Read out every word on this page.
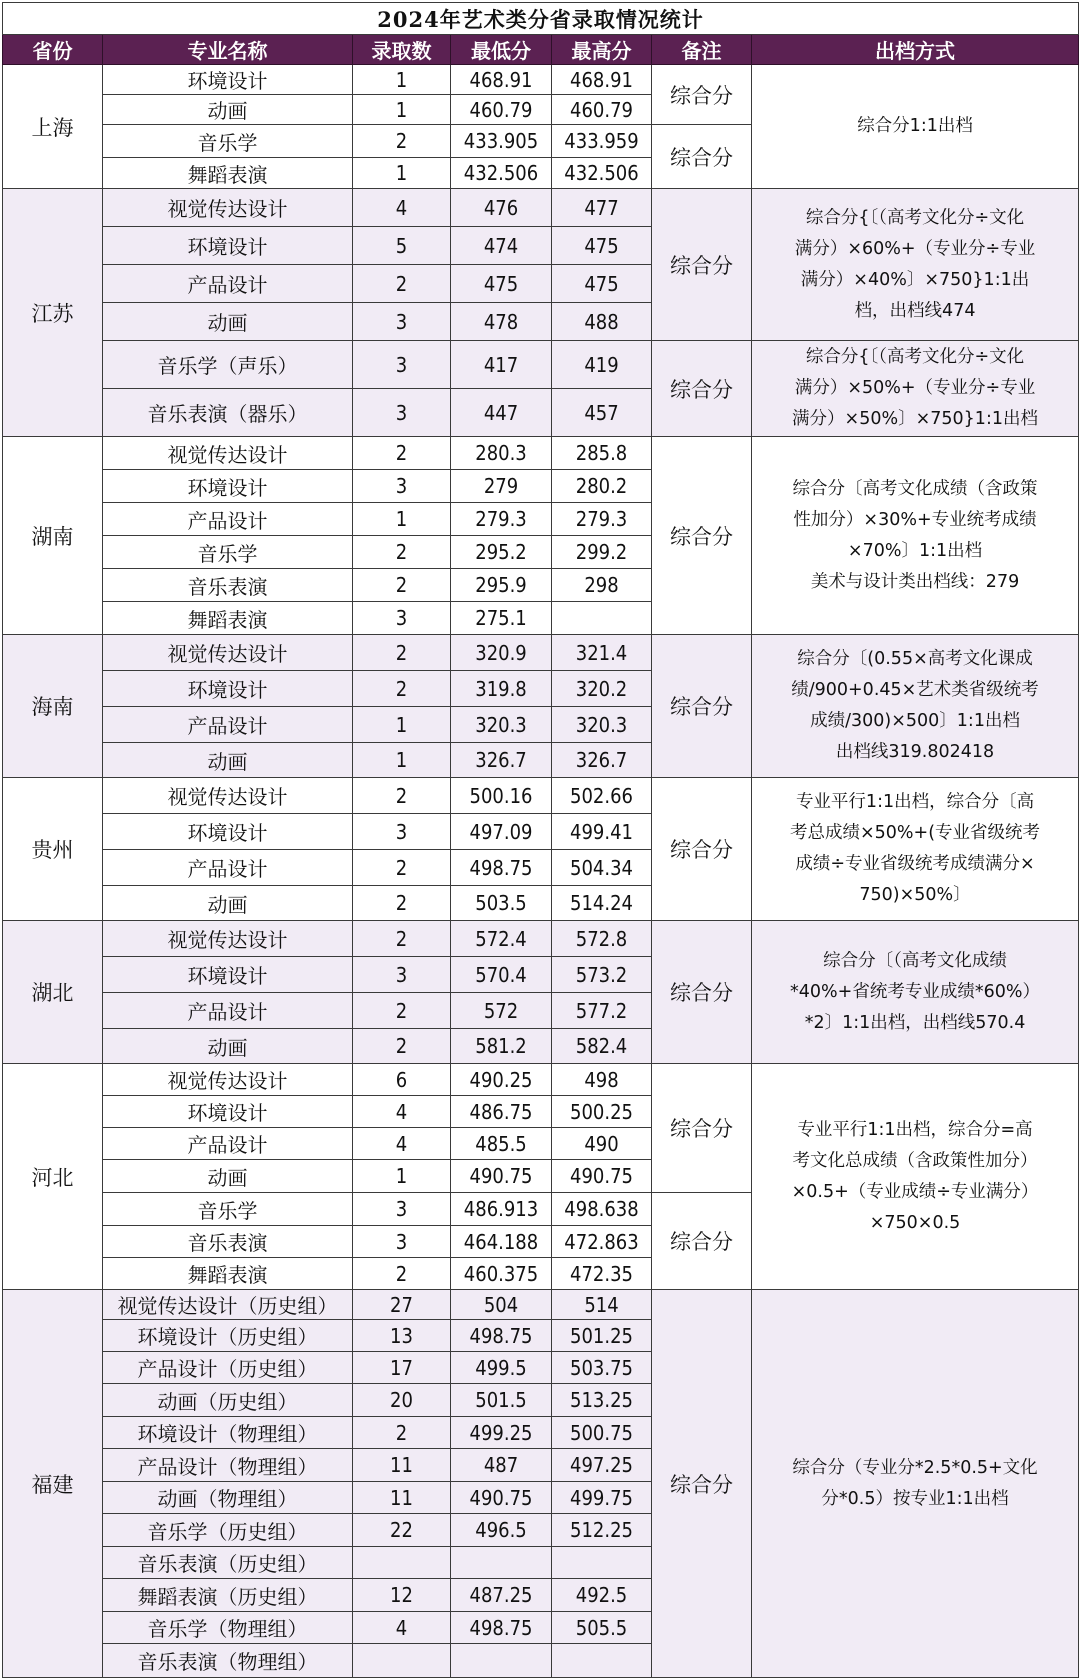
2024年艺术类分省录取情况统计						
省份	专业名称	录取数	最低分	最高分	备注	出档方式
上海	环境设计	1	468.91	468.91	综合分	综合分1:1出档
	动画	1	460.79	460.79		
	音乐学	2	433.905	433.959	综合分	
	舞蹈表演	1	432.506	432.506		
江苏	视觉传达设计	4	476	477	综合分	综合分{〔（高考文化分÷文化
满分）×60%+（专业分÷专业
满分）×40%〕×750}1:1出
档，出档线474

	环境设计	5	474	475		
	产品设计	2	475	475		
	动画	3	478	488		
	音乐学（声乐）	3	417	419	综合分	综合分{〔（高考文化分÷文化
满分）×50%+（专业分÷专业
满分）×50%〕×750}1:1出档

	音乐表演（器乐）	3	447	457		
湖南	视觉传达设计	2	280.3	285.8	综合分	综合分〔高考文化成绩（含政策
性加分）×30%+专业统考成绩
×70%〕1:1出档
美术与设计类出档线：279

	环境设计	3	279	280.2		
	产品设计	1	279.3	279.3		
	音乐学	2	295.2	299.2		
	音乐表演	2	295.9	298		
	舞蹈表演	3	275.1			
海南	视觉传达设计	2	320.9	321.4	综合分	综合分〔(0.55×高考文化课成
绩/900+0.45×艺术类省级统考
成绩/300)×500〕1:1出档
出档线319.802418

	环境设计	2	319.8	320.2		
	产品设计	1	320.3	320.3		
	动画	1	326.7	326.7		
贵州	视觉传达设计	2	500.16	502.66	综合分	专业平行1:1出档，综合分〔高
考总成绩×50%+(专业省级统考
成绩÷专业省级统考成绩满分×
750)×50%〕

	环境设计	3	497.09	499.41		
	产品设计	2	498.75	504.34		
	动画	2	503.5	514.24		
湖北	视觉传达设计	2	572.4	572.8	综合分	综合分〔（高考文化成绩
*40%+省统考专业成绩*60%）
*2〕1:1出档，出档线570.4

	环境设计	3	570.4	573.2		
	产品设计	2	572	577.2		
	动画	2	581.2	582.4		
河北	视觉传达设计	6	490.25	498	综合分	专业平行1:1出档，综合分=高
考文化总成绩（含政策性加分）
×0.5+（专业成绩÷专业满分）
×750×0.5

	环境设计	4	486.75	500.25		
	产品设计	4	485.5	490		
	动画	1	490.75	490.75		
	音乐学	3	486.913	498.638	综合分	
	音乐表演	3	464.188	472.863		
	舞蹈表演	2	460.375	472.35		
福建	视觉传达设计（历史组）	27	504	514	综合分	综合分（专业分*2.5*0.5+文化
分*0.5）按专业1:1出档

	环境设计（历史组）	13	498.75	501.25		
	产品设计（历史组）	17	499.5	503.75		
	动画（历史组）	20	501.5	513.25		
	环境设计（物理组）	2	499.25	500.75		
	产品设计（物理组）	11	487	497.25		
	动画（物理组）	11	490.75	499.75		
	音乐学（历史组）	22	496.5	512.25		
	音乐表演（历史组）					
	舞蹈表演（历史组）	12	487.25	492.5		
	音乐学（物理组）	4	498.75	505.5		
	音乐表演（物理组）					
